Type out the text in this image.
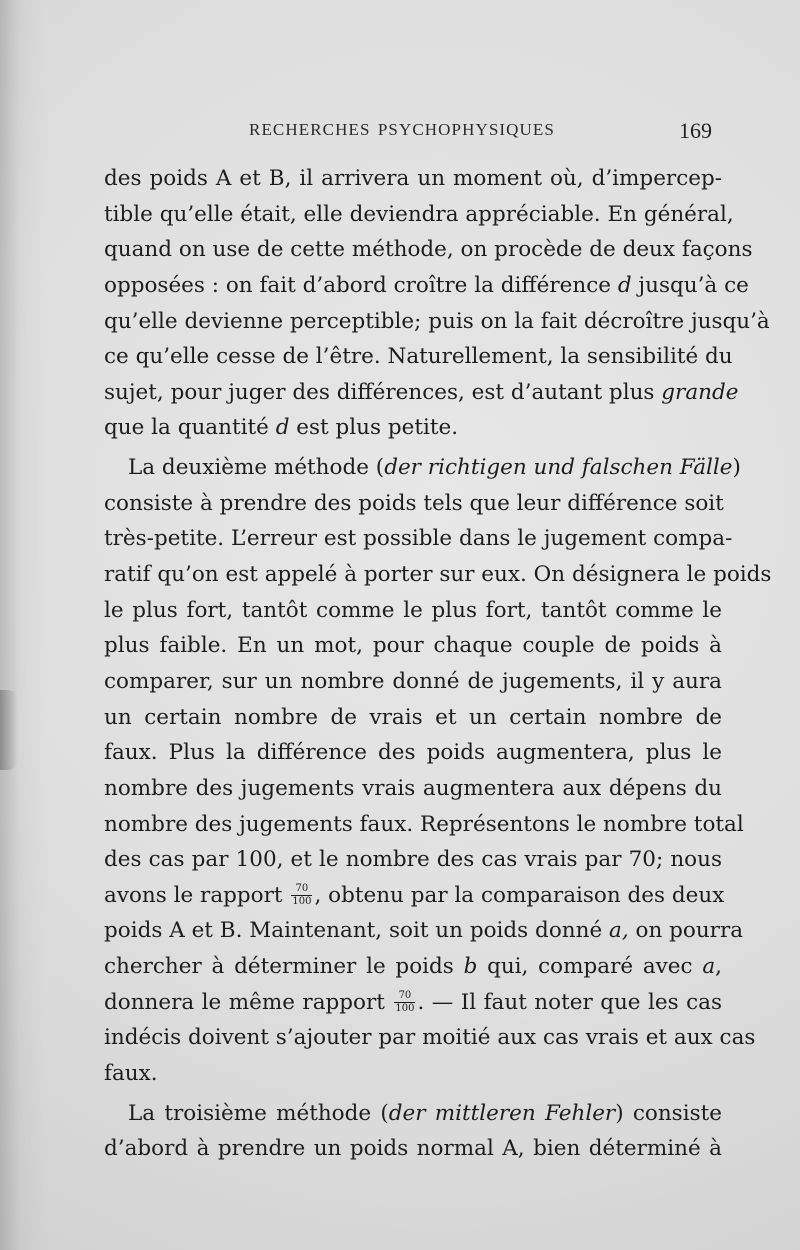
RECHERCHES PSYCHOPHYSIQUES	169
des poids A et B, il arrivera un moment où, d’impercep-
tible qu’elle était, elle deviendra appréciable. En général,
quand on use de cette méthode, on procède de deux façons
opposées : on fait d’abord croître la différence d jusqu’à ce
qu’elle devienne perceptible; puis on la fait décroître jusqu’à
ce qu’elle cesse de l’être. Naturellement, la sensibilité du
sujet, pour juger des différences, est d’autant plus grande
que la quantité d est plus petite.
La deuxième méthode (der richtigen und falschen Fälle)
consiste à prendre des poids tels que leur différence soit
très-petite. L’erreur est possible dans le jugement compa-
ratif qu’on est appelé à porter sur eux. On désignera le poids
le plus fort, tantôt comme le plus fort, tantôt comme le
plus faible. En un mot, pour chaque couple de poids à
comparer, sur un nombre donné de jugements, il y aura
un certain nombre de vrais et un certain nombre de
faux. Plus la différence des poids augmentera, plus le
nombre des jugements vrais augmentera aux dépens du
nombre des jugements faux. Représentons le nombre total
des cas par 100, et le nombre des cas vrais par 70; nous
avons le rapport $\frac{70}{100}$ , obtenu par la comparaison des deux
poids A et B. Maintenant, soit un poids donné a, on pourra
chercher à déterminer le poids b qui, comparé avec a,
donnera le même rapport $\frac{70}{100}$ . — Il faut noter que les cas
indécis doivent s’ajouter par moitié aux cas vrais et aux cas
faux.
La troisième méthode (der mittleren Fehler) consiste
d’abord à prendre un poids normal A, bien déterminé à
